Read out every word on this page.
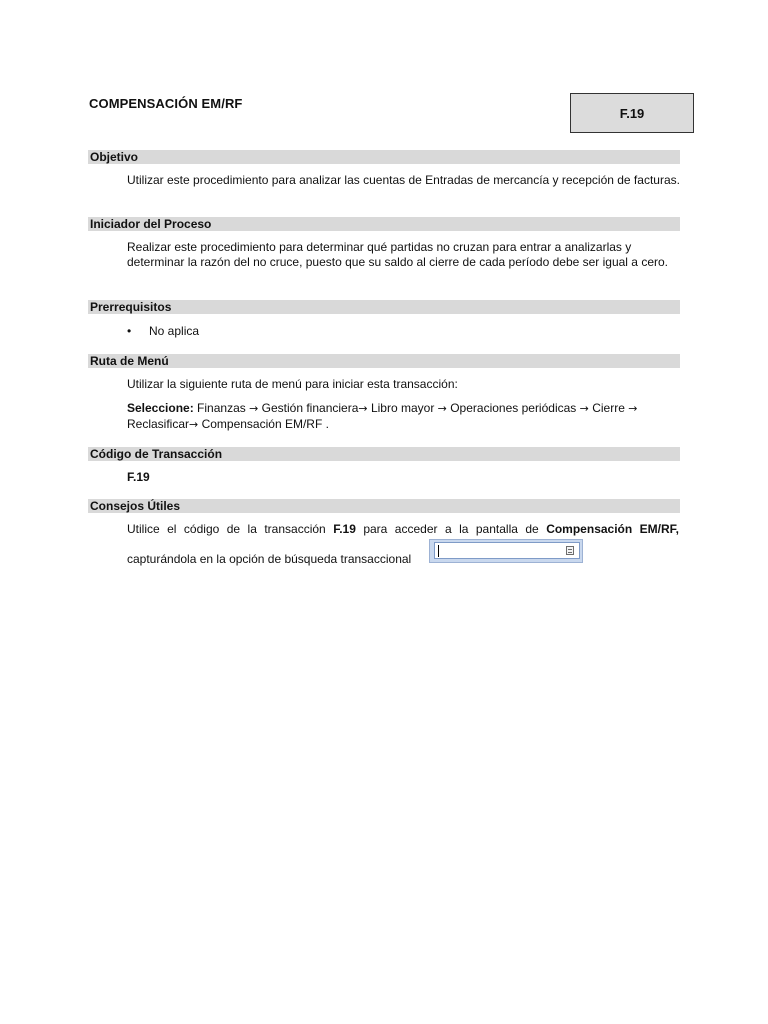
COMPENSACIÓN EM/RF
F.19
Objetivo
Utilizar este procedimiento para analizar las cuentas de Entradas de mercancía y recepción de facturas.
Iniciador del Proceso
Realizar este procedimiento para determinar qué partidas no cruzan para entrar a analizarlas y determinar la razón del no cruce, puesto que su saldo al cierre de cada período debe ser igual a cero.
Prerrequisitos
•	No aplica
Ruta de Menú
Utilizar la siguiente ruta de menú para iniciar esta transacción:
Seleccione: Finanzas → Gestión financiera→ Libro mayor → Operaciones periódicas → Cierre → Reclasificar→ Compensación EM/RF .
Código de Transacción
F.19
Consejos Útiles
Utilice el código de la transacción F.19 para acceder a la pantalla de Compensación EM/RF,
capturándola en la opción de búsqueda transaccional
